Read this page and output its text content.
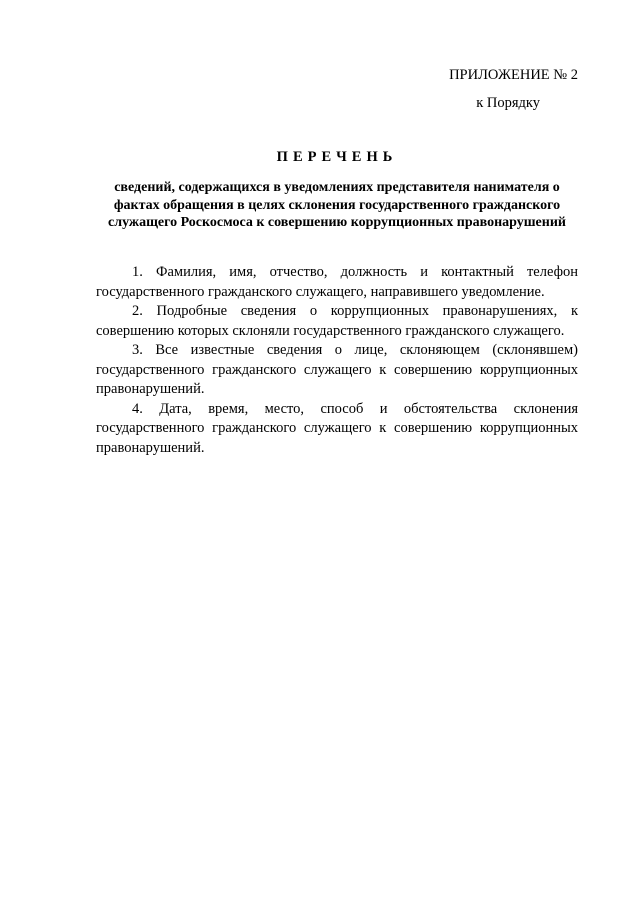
ПРИЛОЖЕНИЕ № 2
к Порядку
ПЕРЕЧЕНЬ
сведений, содержащихся в уведомлениях представителя нанимателя о фактах обращения в целях склонения государственного гражданского служащего Роскосмоса к совершению коррупционных правонарушений

1. Фамилия, имя, отчество, должность и контактный телефон государственного гражданского служащего, направившего уведомление.

2. Подробные сведения о коррупционных правонарушениях, к совершению которых склоняли государственного гражданского служащего.

3. Все известные сведения о лице, склоняющем (склонявшем) государственного гражданского служащего к совершению коррупционных правонарушений.

4. Дата, время, место, способ и обстоятельства склонения государственного гражданского служащего к совершению коррупционных правонарушений.
